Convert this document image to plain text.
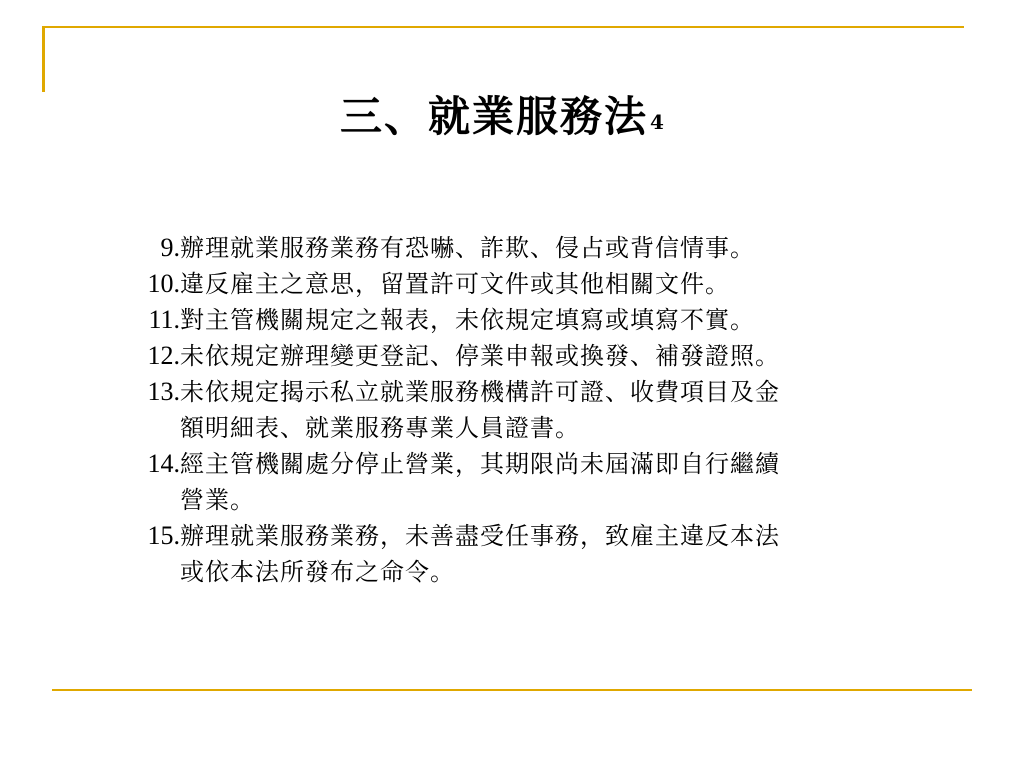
三、就業服務法 4
9. 辦理就業服務業務有恐嚇、詐欺、侵占或背信情事。
10. 違反雇主之意思，留置許可文件或其他相關文件。
11. 對主管機關規定之報表，未依規定填寫或填寫不實。
12. 未依規定辦理變更登記、停業申報或換發、補發證照。
13. 未依規定揭示私立就業服務機構許可證、收費項目及金
額明細表、就業服務專業人員證書。
14. 經主管機關處分停止營業，其期限尚未屆滿即自行繼續
營業。
15. 辦理就業服務業務，未善盡受任事務，致雇主違反本法
或依本法所發布之命令。
